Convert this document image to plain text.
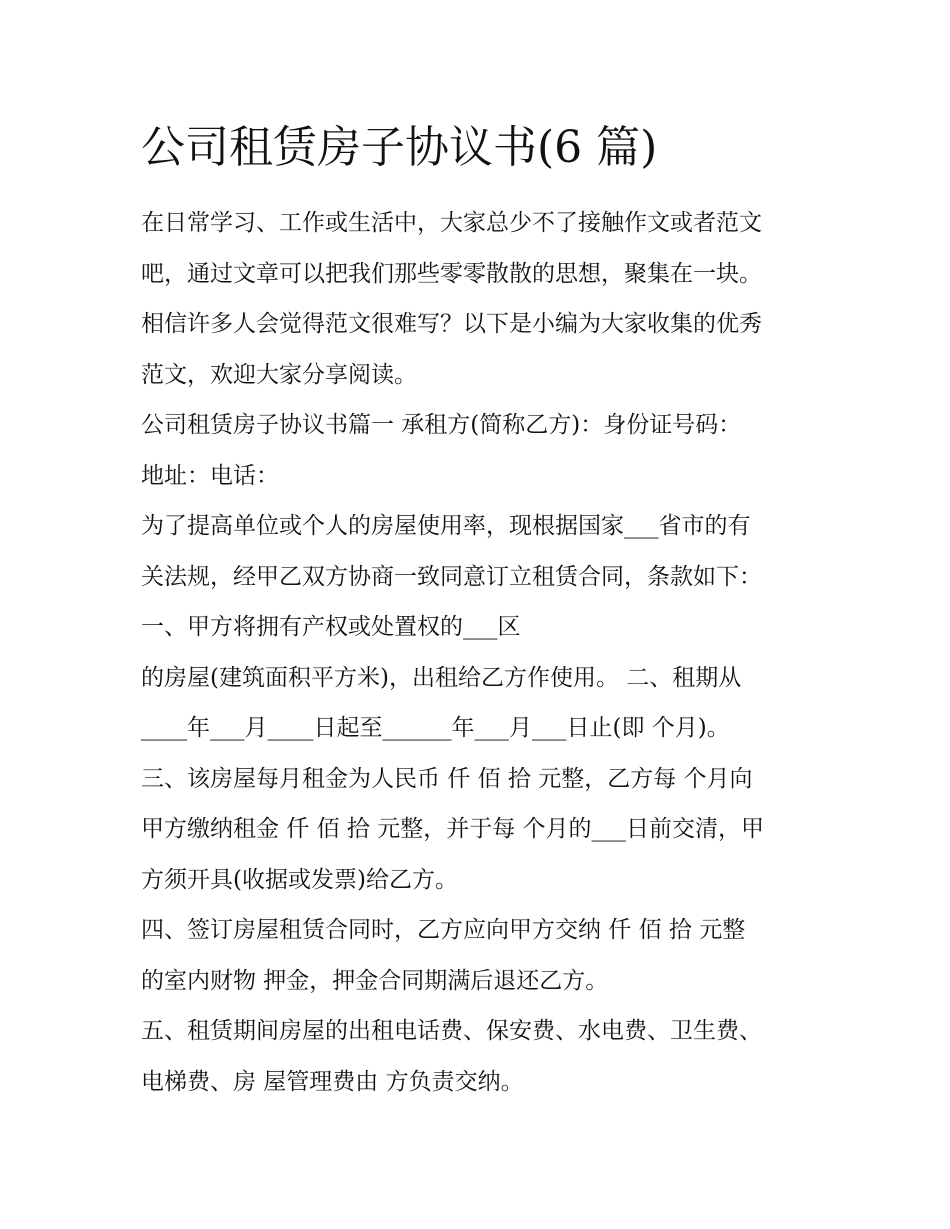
公司租赁房子协议书(6 篇)

在日常学习、工作或生活中，大家总少不了接触作文或者范文

吧，通过文章可以把我们那些零零散散的思想，聚集在一块。

相信许多人会觉得范文很难写？以下是小编为大家收集的优秀

范文，欢迎大家分享阅读。

公司租赁房子协议书篇一 承租方(简称乙方)：身份证号码：

地址：电话：

为了提高单位或个人的房屋使用率，现根据国家___省市的有

关法规，经甲乙双方协商一致同意订立租赁合同，条款如下：

一、甲方将拥有产权或处置权的___区

的房屋(建筑面积平方米)，出租给乙方作使用。 二、租期从

____年___月____日起至______年___月___日止(即 个月)。

三、该房屋每月租金为人民币 仟 佰 拾 元整，乙方每 个月向

甲方缴纳租金 仟 佰 拾 元整，并于每 个月的___日前交清，甲

方须开具(收据或发票)给乙方。

四、签订房屋租赁合同时，乙方应向甲方交纳 仟 佰 拾 元整

的室内财物 押金，押金合同期满后退还乙方。

五、租赁期间房屋的出租电话费、保安费、水电费、卫生费、

电梯费、房 屋管理费由 方负责交纳。
